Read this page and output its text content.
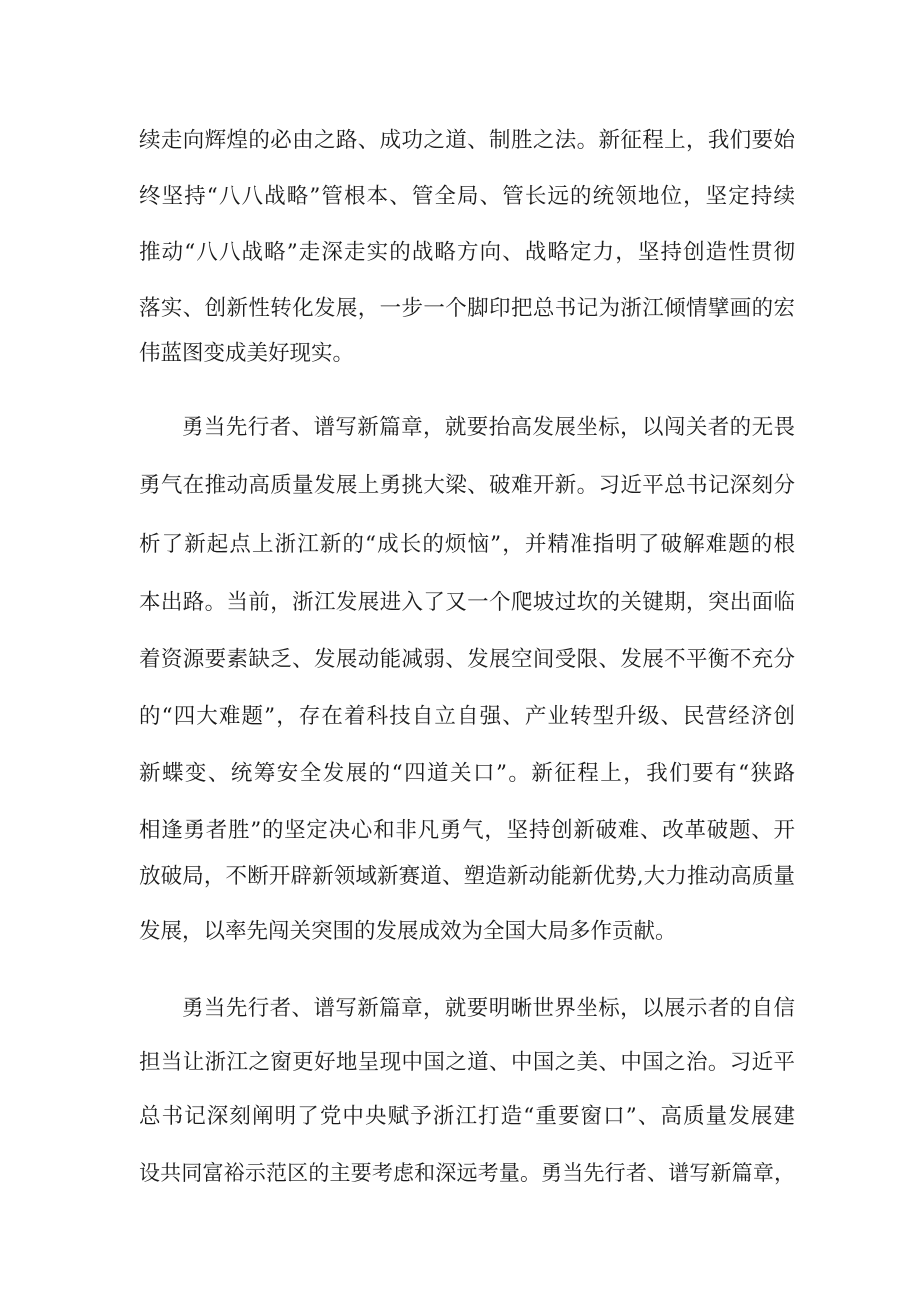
续走向辉煌的必由之路、成功之道、制胜之法。新征程上，我们要始
终坚持“八八战略”管根本、管全局、管长远的统领地位，坚定持续
推动“八八战略”走深走实的战略方向、战略定力，坚持创造性贯彻
落实、创新性转化发展，一步一个脚印把总书记为浙江倾情擘画的宏
伟蓝图变成美好现实。
勇当先行者、谱写新篇章，就要抬高发展坐标，以闯关者的无畏
勇气在推动高质量发展上勇挑大梁、破难开新。习近平总书记深刻分
析了新起点上浙江新的“成长的烦恼”，并精准指明了破解难题的根
本出路。当前，浙江发展进入了又一个爬坡过坎的关键期，突出面临
着资源要素缺乏、发展动能减弱、发展空间受限、发展不平衡不充分
的“四大难题”，存在着科技自立自强、产业转型升级、民营经济创
新蝶变、统筹安全发展的“四道关口”。新征程上，我们要有“狭路
相逢勇者胜”的坚定决心和非凡勇气，坚持创新破难、改革破题、开
放破局，不断开辟新领域新赛道、塑造新动能新优势,大力推动高质量
发展，以率先闯关突围的发展成效为全国大局多作贡献。
勇当先行者、谱写新篇章，就要明晰世界坐标，以展示者的自信
担当让浙江之窗更好地呈现中国之道、中国之美、中国之治。习近平
总书记深刻阐明了党中央赋予浙江打造“重要窗口”、高质量发展建
设共同富裕示范区的主要考虑和深远考量。勇当先行者、谱写新篇章，
